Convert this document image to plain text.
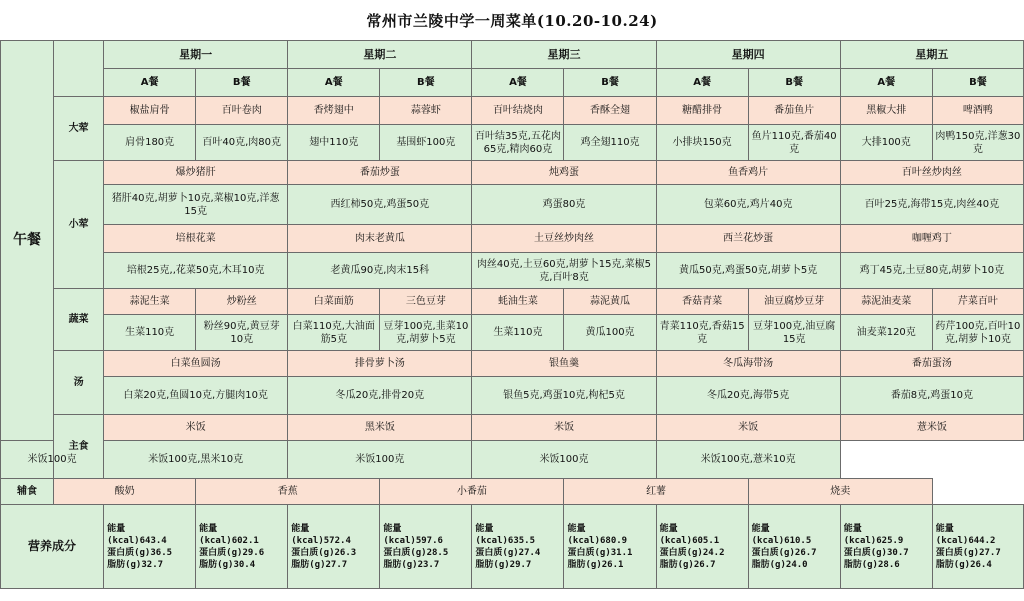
常州市兰陵中学一周菜单(10.20-10.24)
午餐		星期一		星期二		星期三		星期四		星期五	
		A餐	B餐	A餐	B餐	A餐	B餐	A餐	B餐	A餐	B餐
	大荤	椒盐肩骨	百叶卷肉	香烤翅中	蒜蓉虾	百叶结烧肉	香酥全翅	糖醋排骨	番茄鱼片	黑椒大排	啤酒鸭
		肩骨180克	百叶40克,肉80克	翅中110克	基围虾100克	百叶结35克,五花肉65克,精肉60克	鸡全翅110克	小排块150克	鱼片110克,番茄40克	大排100克	肉鸭150克,洋葱30克
	小荤	爆炒猪肝		番茄炒蛋		炖鸡蛋		鱼香鸡片		百叶丝炒肉丝	
		猪肝40克,胡萝卜10克,菜椒10克,洋葱15克		西红柿50克,鸡蛋50克		鸡蛋80克		包菜60克,鸡片40克		百叶25克,海带15克,肉丝40克	
		培根花菜		肉末老黄瓜		土豆丝炒肉丝		西兰花炒蛋		咖喱鸡丁	
		培根25克,,花菜50克,木耳10克		老黄瓜90克,肉末15科		肉丝40克,土豆60克,胡萝卜15克,菜椒5克,百叶8克		黄瓜50克,鸡蛋50克,胡萝卜5克		鸡丁45克,土豆80克,胡萝卜10克	
	蔬菜	蒜泥生菜	炒粉丝	白菜面筋	三色豆芽	蚝油生菜	蒜泥黄瓜	香菇青菜	油豆腐炒豆芽	蒜泥油麦菜	芹菜百叶
		生菜110克	粉丝90克,黄豆芽10克	白菜110克,大油面筋5克	豆芽100克,韭菜10克,胡萝卜5克	生菜110克	黄瓜100克	青菜110克,香菇15克	豆芽100克,油豆腐15克	油麦菜120克	药芹100克,百叶10克,胡萝卜10克
	汤	白菜鱼圆汤		排骨萝卜汤		银鱼羹		冬瓜海带汤		番茄蛋汤	
		白菜20克,鱼圆10克,方腿肉10克		冬瓜20克,排骨20克		银鱼5克,鸡蛋10克,枸杞5克		冬瓜20克,海带5克		番茄8克,鸡蛋10克	
	主食	米饭		黑米饭		米饭		米饭		薏米饭	
米饭100克		米饭100克,黑米10克		米饭100克		米饭100克		米饭100克,薏米10克			
辅食	酸奶		香蕉		小番茄		红薯		烧卖		
营养成分		能量
(kcal)643.4
蛋白质(g)36.5
脂肪(g)32.7	能量
(kcal)602.1
蛋白质(g)29.6
脂肪(g)30.4	能量
(kcal)572.4
蛋白质(g)26.3
脂肪(g)27.7	能量
(kcal)597.6
蛋白质(g)28.5
脂肪(g)23.7	能量
(kcal)635.5
蛋白质(g)27.4
脂肪(g)29.7	能量
(kcal)680.9
蛋白质(g)31.1
脂肪(g)26.1	能量
(kcal)605.1
蛋白质(g)24.2
脂肪(g)26.7	能量
(kcal)610.5
蛋白质(g)26.7
脂肪(g)24.0	能量
(kcal)625.9
蛋白质(g)30.7
脂肪(g)28.6	能量
(kcal)644.2
蛋白质(g)27.7
脂肪(g)26.4
